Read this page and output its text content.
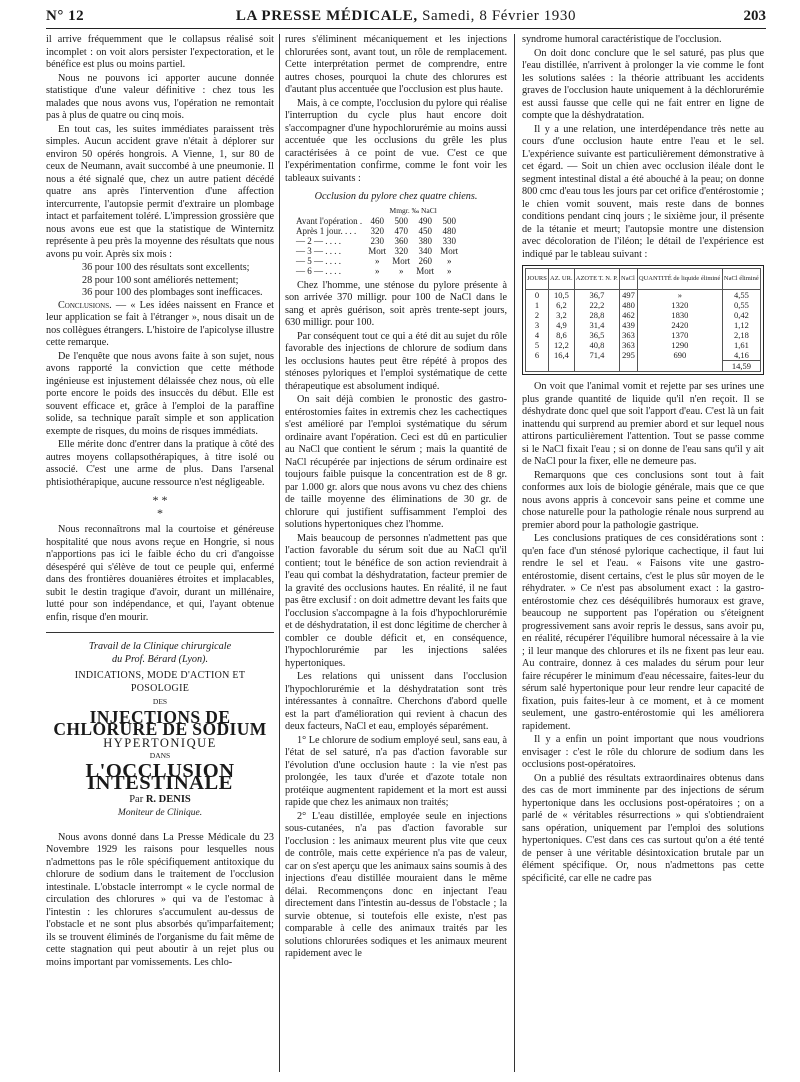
N° 12	LA PRESSE MÉDICALE, Samedi, 8 Février 1930	203

il arrive fréquemment que le collapsus réalisé soit incomplet : on voit alors persister l'expectoration, et le bénéfice est plus ou moins partiel.

Nous ne pouvons ici apporter aucune donnée statistique d'une valeur définitive : chez tous les malades que nous avons vus, l'opération ne remontait pas à plus de quatre ou cinq mois.

En tout cas, les suites immédiates paraissent très simples. Aucun accident grave n'était à déplorer sur environ 50 opérés hongrois. A Vienne, 1, sur 80 de ceux de Neumann, avait succombé à une pneumonie. Il nous a été signalé que, chez un autre patient décédé quatre ans après l'intervention d'une affection intercurrente, l'autopsie permit d'extraire un plombage intact et parfaitement toléré. L'impression grossière que nous avons eue est que la statistique de Winternitz représente à peu près la moyenne des résultats que nous avons pu voir. Après six mois :

36 pour 100 des résultats sont excellents;

28 pour 100 sont améliorés nettement;

36 pour 100 des plombages sont inefficaces.

Conclusions. — « Les idées naissent en France et leur application se fait à l'étranger », nous disait un de nos collègues étrangers. L'histoire de l'apicolyse illustre cette remarque.

De l'enquête que nous avons faite à son sujet, nous avons rapporté la conviction que cette méthode ingénieuse est injustement délaissée chez nous, où elle porte encore le poids des insuccès du début. Elle est souvent efficace et, grâce à l'emploi de la paraffine solide, sa technique paraît simple et son application exempte de risques, du moins de risques immédiats.

Elle mérite donc d'entrer dans la pratique à côté des autres moyens collapsothérapiques, à titre isolé ou associé. C'est une arme de plus. Dans l'arsenal phtisiothérapique, aucune ressource n'est négligeable.

* *
*

Nous reconnaîtrons mal la courtoise et généreuse hospitalité que nous avons reçue en Hongrie, si nous n'apportions pas ici le faible écho du cri d'angoisse désespéré qui s'élève de tout ce peuple qui, enfermé dans des frontières douanières étroites et implacables, subit le destin tragique d'avoir, durant un millénaire, lutté pour son indépendance, et qui, l'ayant obtenue enfin, risque d'en mourir.

Travail de la Clinique chirurgicale
du Prof. Bérard (Lyon).
INDICATIONS, MODE D'ACTION ET POSOLOGIE
DES
INJECTIONS DE CHLORURE DE SODIUM
HYPERTONIQUE
DANS
L'OCCLUSION INTESTINALE
Par R. DENIS
Moniteur de Clinique.

Nous avons donné dans La Presse Médicale du 23 Novembre 1929 les raisons pour lesquelles nous n'admettons pas le rôle spécifiquement antitoxique du chlorure de sodium dans le traitement de l'occlusion intestinale. L'obstacle interrompt « le cycle normal de circulation des chlorures » qui va de l'estomac à l'intestin : les chlorures s'accumulent au-dessus de l'obstacle et ne sont plus absorbés qu'imparfaitement; ils se trouvent éliminés de l'organisme du fait même de cette stagnation qui peut aboutir à un rejet plus ou moins important par vomissements. Les chlo-

rures s'éliminent mécaniquement et les injections chlorurées sont, avant tout, un rôle de remplacement. Cette interprétation permet de comprendre, entre autres choses, pourquoi la chute des chlorures est d'autant plus accentuée que l'occlusion est plus haute.

Mais, à ce compte, l'occlusion du pylore qui réalise l'interruption du cycle plus haut encore doit s'accompagner d'une hypochlorurémie au moins aussi accentuée que les occlusions du grêle les plus caractérisées à ce point de vue. C'est ce que l'expérimentation confirme, comme le font voir les tableaux suivants :

Occlusion du pylore chez quatre chiens.
	Mmgr. ‰ NaCl			
Avant l'opération .	460	500	490	500
Après 1 jour. . . .	320	470	450	480
— 2 — . . . .	230	360	380	330
— 3 — . . . .	Mort	320	340	Mort
— 5 — . . . .	»	Mort	260	»
— 6 — . . . .	»	»	Mort	»

Chez l'homme, une sténose du pylore présente à son arrivée 370 milligr. pour 100 de NaCl dans le sang et après guérison, soit après trente-sept jours, 630 milligr. pour 100.

Par conséquent tout ce qui a été dit au sujet du rôle favorable des injections de chlorure de sodium dans les occlusions hautes peut être répété à propos des sténoses pyloriques et l'emploi systématique de cette thérapeutique est absolument indiqué.

On sait déjà combien le pronostic des gastro-entérostomies faites in extremis chez les cachectiques s'est amélioré par l'emploi systématique du sérum ordinaire avant l'opération. Ceci est dû en particulier au NaCl que contient le sérum ; mais la quantité de NaCl récupérée par injections de sérum ordinaire est toujours faible puisque la concentration est de 8 gr. par 1.000 gr. alors que nous avons vu chez des chiens de taille moyenne des éliminations de 30 gr. de chlorure qui justifient suffisamment l'emploi des solutions hypertoniques chez l'homme.

Mais beaucoup de personnes n'admettent pas que l'action favorable du sérum soit due au NaCl qu'il contient; tout le bénéfice de son action reviendrait à l'eau qui combat la déshydratation, facteur premier de la gravité des occlusions hautes. En réalité, il ne faut pas être exclusif : on doit admettre devant les faits que l'occlusion s'accompagne à la fois d'hypochlorurémie et de déshydratation, il est donc légitime de chercher à combler ce double déficit et, en conséquence, l'hypochlorurémie par les injections salées hypertoniques.

Les relations qui unissent dans l'occlusion l'hypochlorurémie et la déshydratation sont très intéressantes à connaître. Cherchons d'abord quelle est la part d'amélioration qui revient à chacun des deux facteurs, NaCl et eau, employés séparément.

1° Le chlorure de sodium employé seul, sans eau, à l'état de sel saturé, n'a pas d'action favorable sur l'évolution d'une occlusion haute : la vie n'est pas prolongée, les taux d'urée et d'azote totale non protéique augmentent rapidement et la mort est aussi rapide que chez les animaux non traités;

2° L'eau distillée, employée seule en injections sous-cutanées, n'a pas d'action favorable sur l'occlusion : les animaux meurent plus vite que ceux de contrôle, mais cette expérience n'a pas de valeur, car on s'est aperçu que les animaux sains soumis à des injections d'eau distillée mouraient dans le même délai. Recommençons donc en injectant l'eau directement dans l'intestin au-dessus de l'obstacle ; la survie obtenue, si toutefois elle existe, n'est pas comparable à celle des animaux traités par les solutions chlorurées sodiques et les animaux meurent rapidement avec le

syndrome humoral caractéristique de l'occlusion.

On doit donc conclure que le sel saturé, pas plus que l'eau distillée, n'arrivent à prolonger la vie comme le font les solutions salées : la théorie attribuant les accidents graves de l'occlusion haute uniquement à la déchlorurémie est aussi fausse que celle qui ne fait entrer en ligne de compte que la déshydratation.

Il y a une relation, une interdépendance très nette au cours d'une occlusion haute entre l'eau et le sel. L'expérience suivante est particulièrement démonstrative à cet égard. — Soit un chien avec occlusion iléale dont le segment intestinal distal a été abouché à la peau; on donne 800 cmc d'eau tous les jours par cet orifice d'entérostomie ; le chien vomit souvent, mais reste dans de bonnes conditions pendant cinq jours ; le sixième jour, il présente de la tétanie et meurt; l'autopsie montre une distension avec décoloration de l'iléon; le détail de l'expérience est indiqué par le tableau suivant :

JOURS	AZ. UR.	AZOTE T. N. P.	NaCl	QUANTITÉ de liquide éliminé	NaCl éliminé
0	10,5	36,7	497	»	4,55
1	6,2	22,2	480	1320	0,55
2	3,2	28,8	462	1830	0,42
3	4,9	31,4	439	2420	1,12
4	8,6	36,5	363	1370	2,18
5	12,2	40,8	363	1290	1,61
6	16,4	71,4	295	690	4,16
					14,59

On voit que l'animal vomit et rejette par ses urines une plus grande quantité de liquide qu'il n'en reçoit. Il se déshydrate donc quel que soit l'apport d'eau. C'est là un fait inattendu qui surprend au premier abord et sur lequel nous attirons particulièrement l'attention. Tout se passe comme si le NaCl fixait l'eau ; si on donne de l'eau sans qu'il y ait de NaCl pour la fixer, elle ne demeure pas.

Remarquons que ces conclusions sont tout à fait conformes aux lois de biologie générale, mais que ce que nous avons appris à concevoir sans peine et comme une chose naturelle pour la pathologie rénale nous surprend au premier abord pour la pathologie gastrique.

Les conclusions pratiques de ces considérations sont : qu'en face d'un sténosé pylorique cachectique, il faut lui rendre le sel et l'eau. « Faisons vite une gastro-entérostomie, disent certains, c'est le plus sûr moyen de le réhydrater. » Ce n'est pas absolument exact : la gastro-entérostomie chez ces déséquilibrés humoraux est grave, beaucoup ne supportent pas l'opération ou s'éteignent progressivement sans avoir repris le dessus, sans avoir pu, en réalité, récupérer l'équilibre humoral nécessaire à la vie ; il leur manque des chlorures et ils ne fixent pas leur eau. Au contraire, donnez à ces malades du sérum pour leur faire récupérer le minimum d'eau nécessaire, faites-leur du sérum salé hypertonique pour leur rendre leur capacité de fixation, puis faites-leur à ce moment, et à ce moment seulement, une gastro-entérostomie qui les améliorera rapidement.

Il y a enfin un point important que nous voudrions envisager : c'est le rôle du chlorure de sodium dans les occlusions post-opératoires.

On a publié des résultats extraordinaires obtenus dans des cas de mort imminente par des injections de sérum hypertonique dans les occlusions post-opératoires ; on a parlé de « véritables résurrections » qui s'obtiendraient sans opération, uniquement par l'emploi des solutions hypertoniques. C'est dans ces cas surtout qu'on a été tenté de penser à une véritable désintoxication brutale par un élément spécifique. Or, nous n'admettons pas cette spécificité, car elle ne cadre pas
